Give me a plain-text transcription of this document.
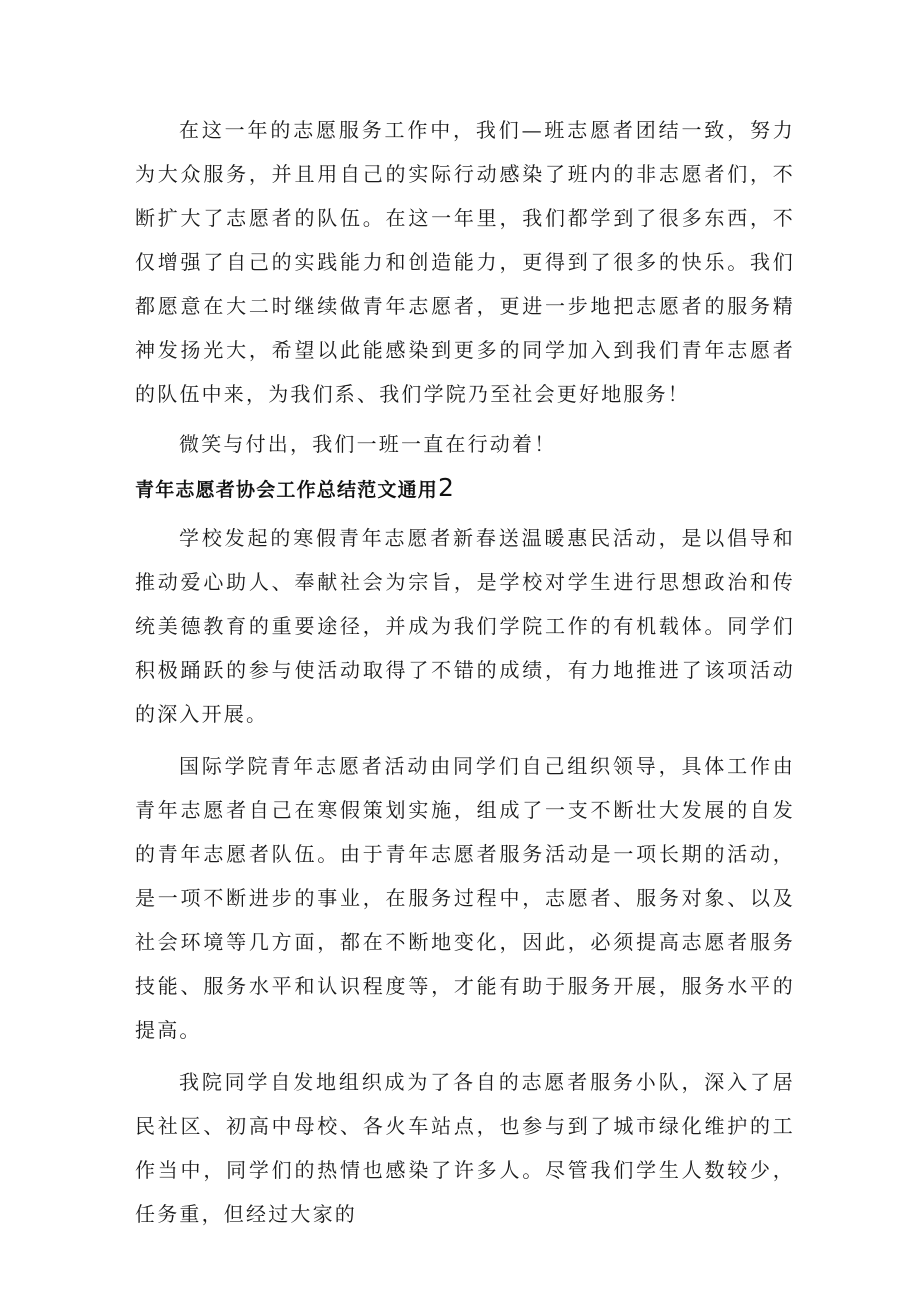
在这一年的志愿服务工作中，我们—班志愿者团结一致，努力为大众服务，并且用自己的实际行动感染了班内的非志愿者们，不断扩大了志愿者的队伍。在这一年里，我们都学到了很多东西，不仅增强了自己的实践能力和创造能力，更得到了很多的快乐。我们都愿意在大二时继续做青年志愿者，更进一步地把志愿者的服务精神发扬光大，希望以此能感染到更多的同学加入到我们青年志愿者的队伍中来，为我们系、我们学院乃至社会更好地服务！

微笑与付出，我们一班一直在行动着！

青年志愿者协会工作总结范文通用2

学校发起的寒假青年志愿者新春送温暖惠民活动，是以倡导和推动爱心助人、奉献社会为宗旨，是学校对学生进行思想政治和传统美德教育的重要途径，并成为我们学院工作的有机载体。同学们积极踊跃的参与使活动取得了不错的成绩，有力地推进了该项活动的深入开展。

国际学院青年志愿者活动由同学们自己组织领导，具体工作由青年志愿者自己在寒假策划实施，组成了一支不断壮大发展的自发的青年志愿者队伍。由于青年志愿者服务活动是一项长期的活动，是一项不断进步的事业，在服务过程中，志愿者、服务对象、以及社会环境等几方面，都在不断地变化，因此，必须提高志愿者服务技能、服务水平和认识程度等，才能有助于服务开展，服务水平的提高。

我院同学自发地组织成为了各自的志愿者服务小队，深入了居民社区、初高中母校、各火车站点，也参与到了城市绿化维护的工作当中，同学们的热情也感染了许多人。尽管我们学生人数较少，任务重，但经过大家的
